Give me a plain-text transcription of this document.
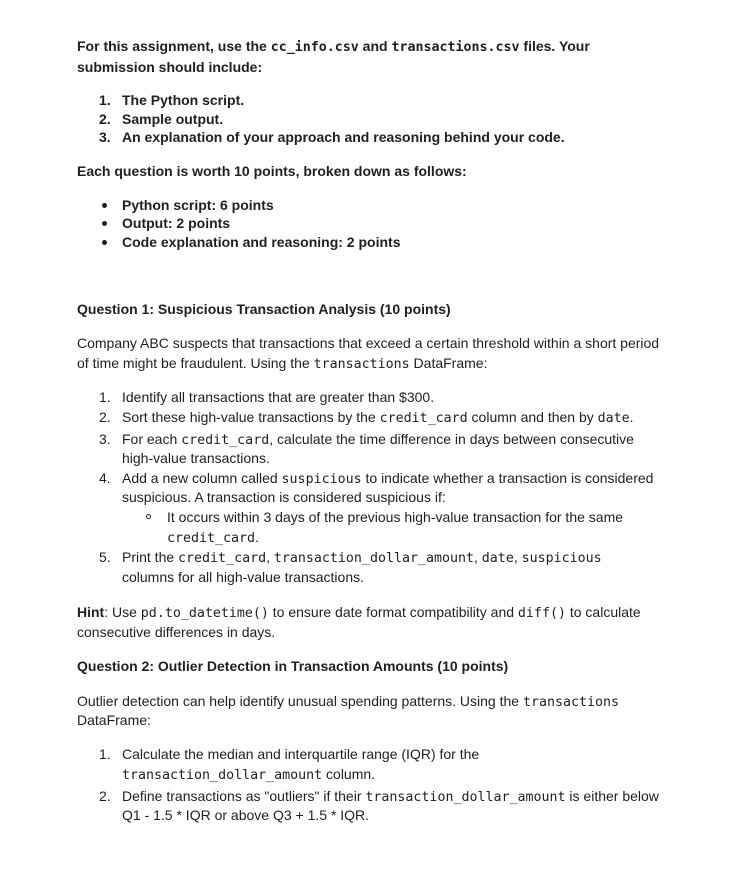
For this assignment, use the cc_info.csv and transactions.csv files. Your
submission should include:
1. The Python script.
2. Sample output.
3. An explanation of your approach and reasoning behind your code.
Each question is worth 10 points, broken down as follows:
Python script: 6 points
Output: 2 points
Code explanation and reasoning: 2 points
Question 1: Suspicious Transaction Analysis (10 points)
Company ABC suspects that transactions that exceed a certain threshold within a short period
of time might be fraudulent. Using the transactions DataFrame:
1. Identify all transactions that are greater than $300.
2. Sort these high-value transactions by the credit_card column and then by date.
3. For each credit_card, calculate the time difference in days between consecutive
high-value transactions.
4. Add a new column called suspicious to indicate whether a transaction is considered
suspicious. A transaction is considered suspicious if:
It occurs within 3 days of the previous high-value transaction for the same
credit_card.
5. Print the credit_card, transaction_dollar_amount, date, suspicious
columns for all high-value transactions.
Hint: Use pd.to_datetime() to ensure date format compatibility and diff() to calculate
consecutive differences in days.
Question 2: Outlier Detection in Transaction Amounts (10 points)
Outlier detection can help identify unusual spending patterns. Using the transactions
DataFrame:
1. Calculate the median and interquartile range (IQR) for the
transaction_dollar_amount column.
2. Define transactions as "outliers" if their transaction_dollar_amount is either below
Q1 - 1.5 * IQR or above Q3 + 1.5 * IQR.
